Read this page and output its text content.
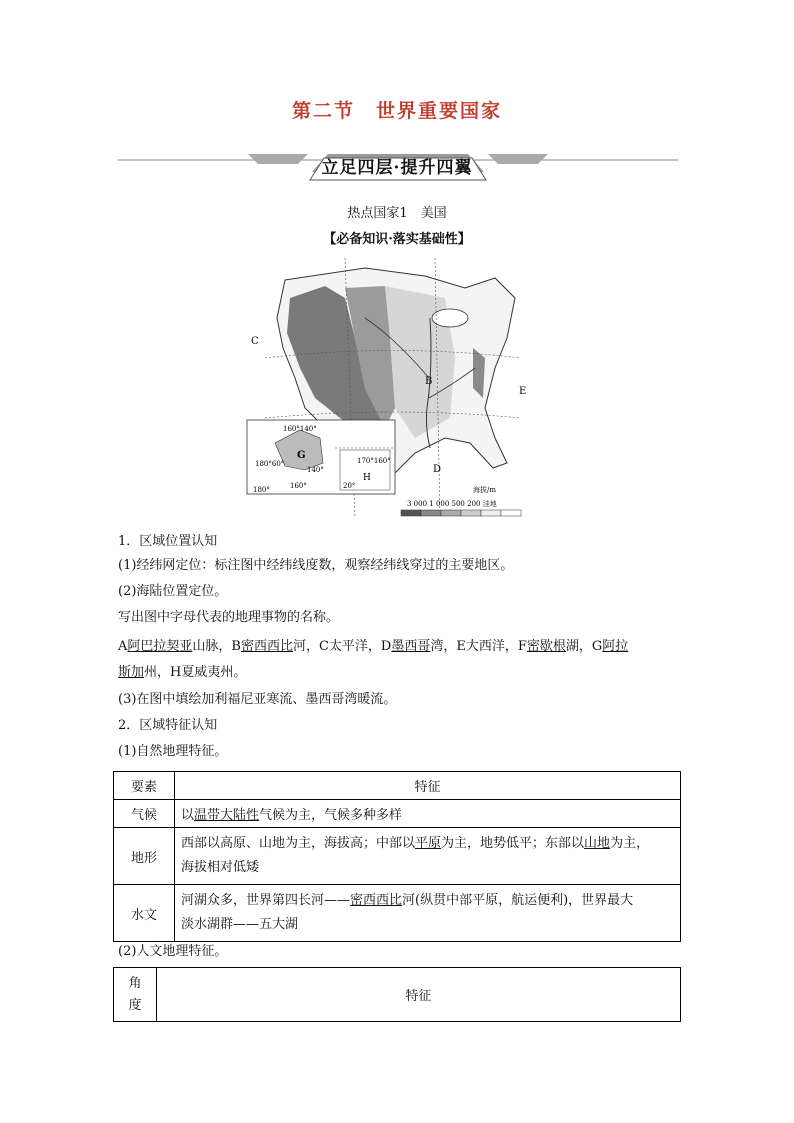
第二节　世界重要国家
立足四层·提升四翼
热点国家1　美国
【必备知识·落实基础性】
160°140°
180°60°
140°
160°
180°
170°160°
20°
C
B
E
D
G
H
海拔/m
3 000 1 000 500 200 洼地
1．区域位置认知
(1)经纬网定位：标注图中经纬线度数，观察经纬线穿过的主要地区。
(2)海陆位置定位。
写出图中字母代表的地理事物的名称。
A阿巴拉契亚山脉，B密西西比河，C太平洋，D墨西哥湾，E大西洋，F密歇根湖，G阿拉
斯加州，H夏威夷州。
(3)在图中填绘加利福尼亚寒流、墨西哥湾暖流。
2．区域特征认知
(1)自然地理特征。
要素	特征
气候	以温带大陆性气候为主，气候多种多样
地形	西部以高原、山地为主，海拔高；中部以平原为主，地势低平；东部以山地为主，
海拔相对低矮
水文	河湖众多，世界第四长河——密西西比河(纵贯中部平原，航运便利)，世界最大
淡水湖群——五大湖
(2)人文地理特征。
角
度	特征
